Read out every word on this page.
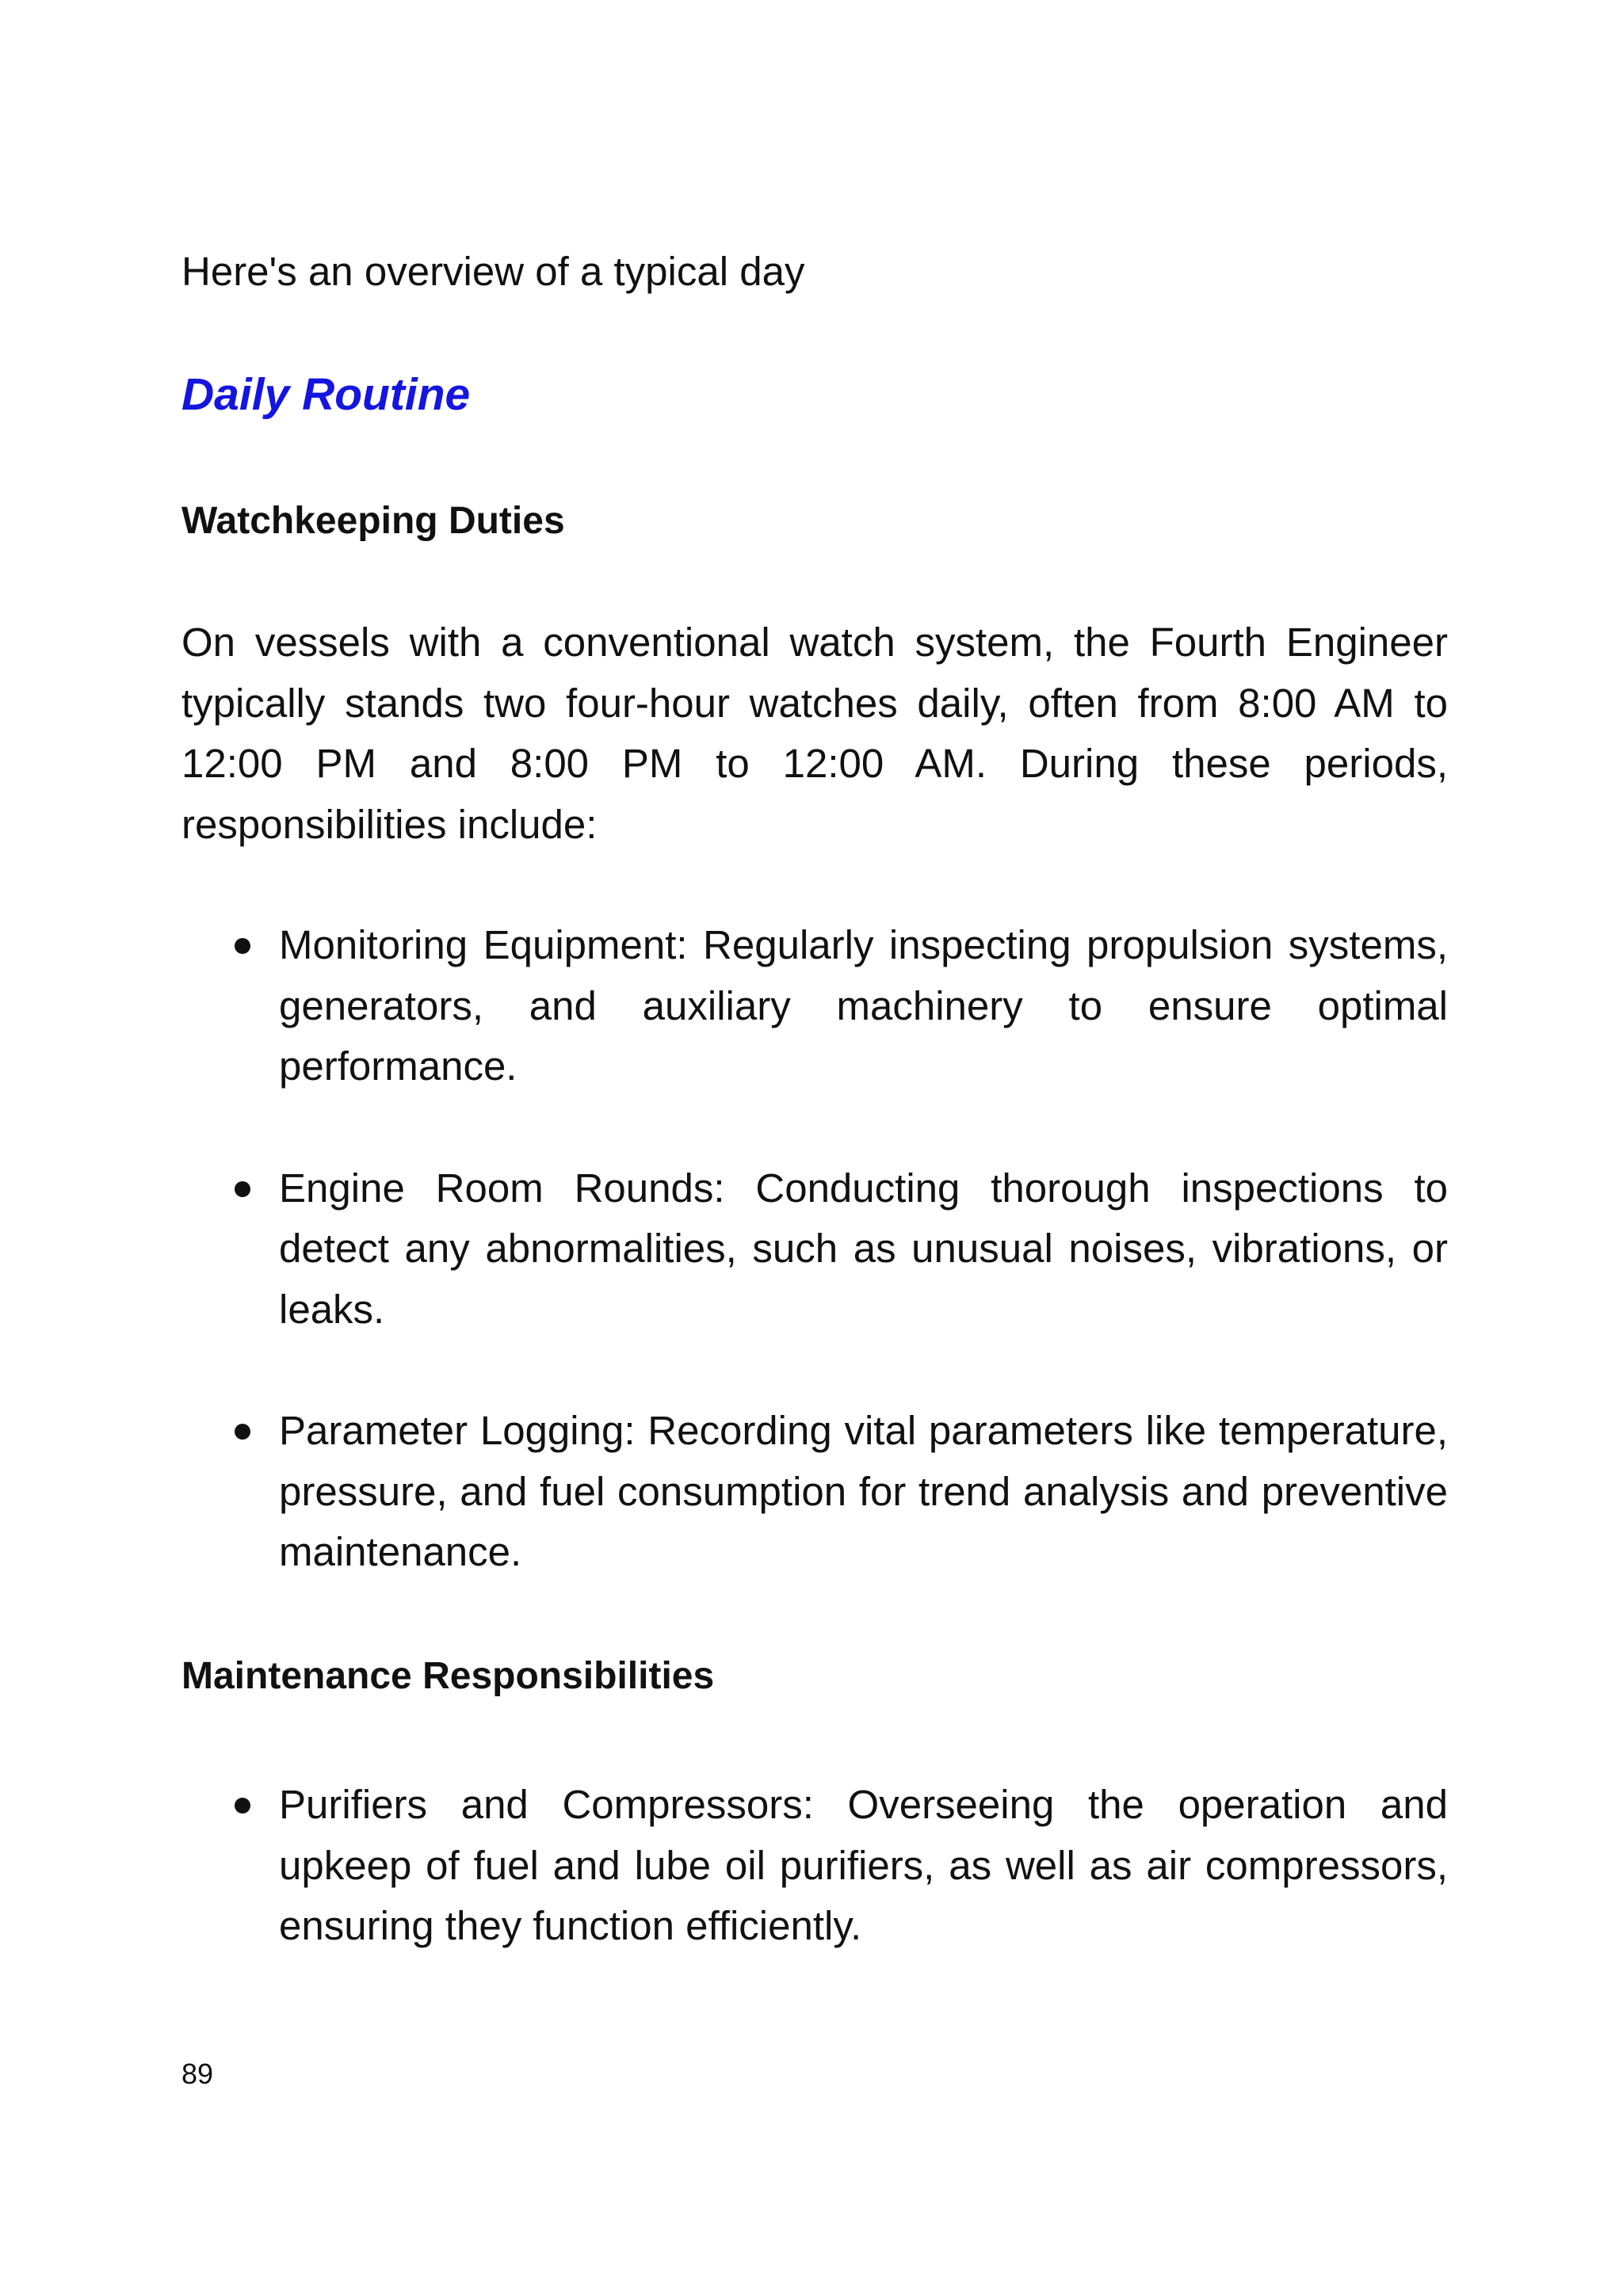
Here's an overview of a typical day

Daily Routine
Watchkeeping Duties

On vessels with a conventional watch system, the Fourth Engineer typically stands two four-hour watches daily, often from 8:00 AM to 12:00 PM and 8:00 PM to 12:00 AM. During these periods, responsibilities include:

Monitoring Equipment: Regularly inspecting propulsion systems, generators, and auxiliary machinery to ensure optimal performance.
Engine Room Rounds: Conducting thorough inspections to detect any abnormalities, such as unusual noises, vibrations, or leaks.
Parameter Logging: Recording vital parameters like temperature, pressure, and fuel consumption for trend analysis and preventive maintenance.
Maintenance Responsibilities
Purifiers and Compressors: Overseeing the operation and upkeep of fuel and lube oil purifiers, as well as air compressors, ensuring they function efficiently.

89
